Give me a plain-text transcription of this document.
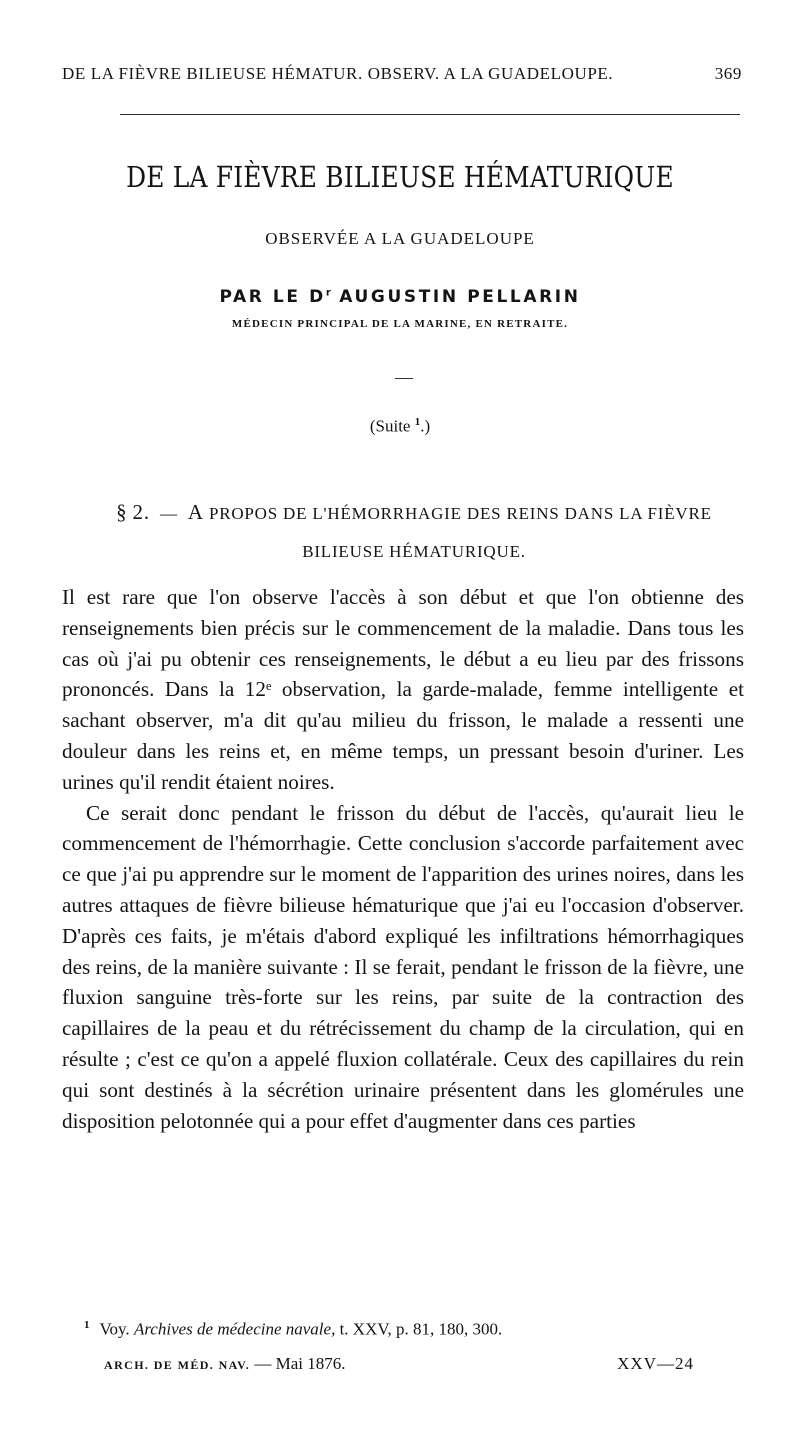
DE LA FIÈVRE BILIEUSE HÉMATUR. OBSERV. A LA GUADELOUPE.	369
DE LA FIÈVRE BILIEUSE HÉMATURIQUE
OBSERVÉE A LA GUADELOUPE
PAR LE $D^r$ AUGUSTIN PELLARIN
MÉDECIN PRINCIPAL DE LA MARINE, EN RETRAITE.
(Suite $^1$.)
§ 2. — A PROPOS DE L'HÉMORRHAGIE DES REINS DANS LA FIÈVRE
BILIEUSE HÉMATURIQUE.

Il est rare que l'on observe l'accès à son début et que l'on obtienne des renseignements bien précis sur le commencement de la maladie. Dans tous les cas où j'ai pu obtenir ces renseignements, le début a eu lieu par des frissons prononcés. Dans la 12ᵉ observation, la garde-malade, femme intelligente et sachant observer, m'a dit qu'au milieu du frisson, le malade a ressenti une douleur dans les reins et, en même temps, un pressant besoin d'uriner. Les urines qu'il rendit étaient noires.

Ce serait donc pendant le frisson du début de l'accès, qu'aurait lieu le commencement de l'hémorrhagie. Cette conclusion s'accorde parfaitement avec ce que j'ai pu apprendre sur le moment de l'apparition des urines noires, dans les autres attaques de fièvre bilieuse hématurique que j'ai eu l'occasion d'observer. D'après ces faits, je m'étais d'abord expliqué les infiltrations hémorrhagiques des reins, de la manière suivante : Il se ferait, pendant le frisson de la fièvre, une fluxion sanguine très-forte sur les reins, par suite de la contraction des capillaires de la peau et du rétrécissement du champ de la circulation, qui en résulte ; c'est ce qu'on a appelé fluxion collatérale. Ceux des capillaires du rein qui sont destinés à la sécrétion urinaire présentent dans les glomérules une disposition pelotonnée qui a pour effet d'augmenter dans ces parties

$^1$ Voy. Archives de médecine navale, t. XXV, p. 81, 180, 300.
ARCH. DE MÉD. NAV. — Mai 1876.	XXV—24
